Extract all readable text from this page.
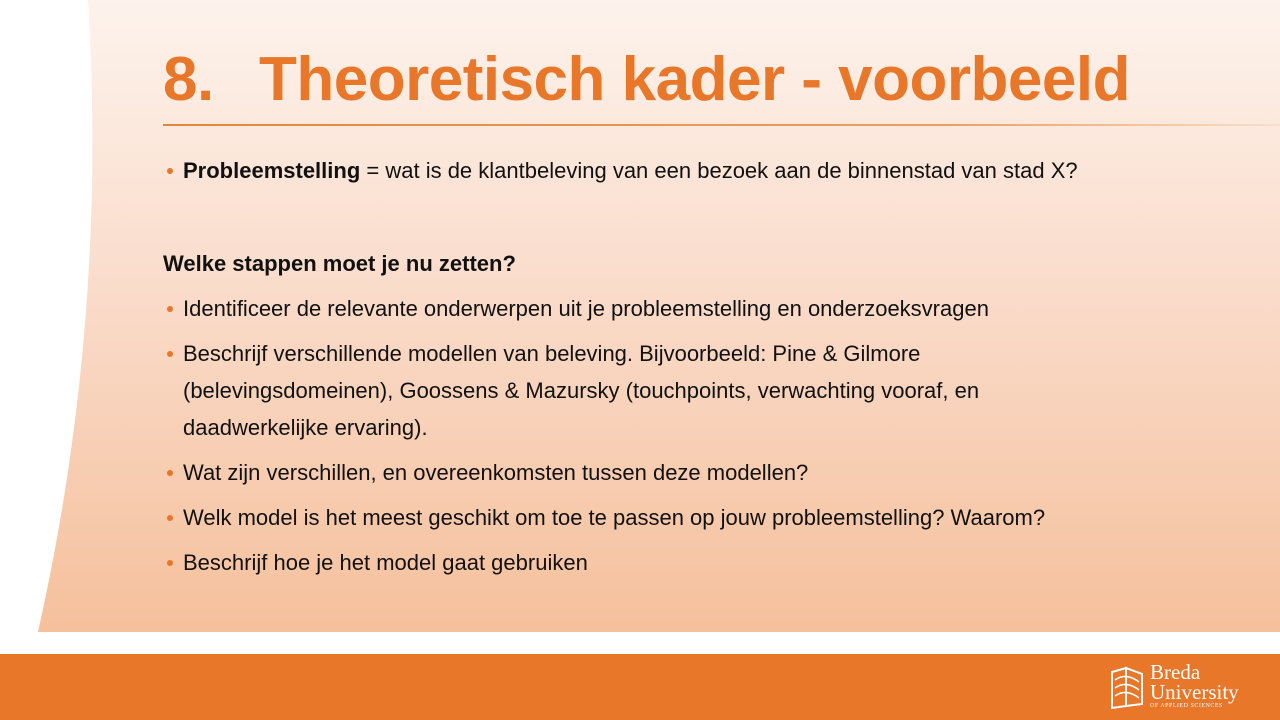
8. Theoretisch kader - voorbeeld
Probleemstelling = wat is de klantbeleving van een bezoek aan de binnenstad van stad X?
Welke stappen moet je nu zetten?
Identificeer de relevante onderwerpen uit je probleemstelling en onderzoeksvragen
Beschrijf verschillende modellen van beleving. Bijvoorbeeld: Pine & Gilmore (belevingsdomeinen), Goossens & Mazursky (touchpoints, verwachting vooraf, en daadwerkelijke ervaring).
Wat zijn verschillen, en overeenkomsten tussen deze modellen?
Welk model is het meest geschikt om toe te passen op jouw probleemstelling? Waarom?
Beschrijf hoe je het model gaat gebruiken
Breda
University
OF APPLIED SCIENCES
